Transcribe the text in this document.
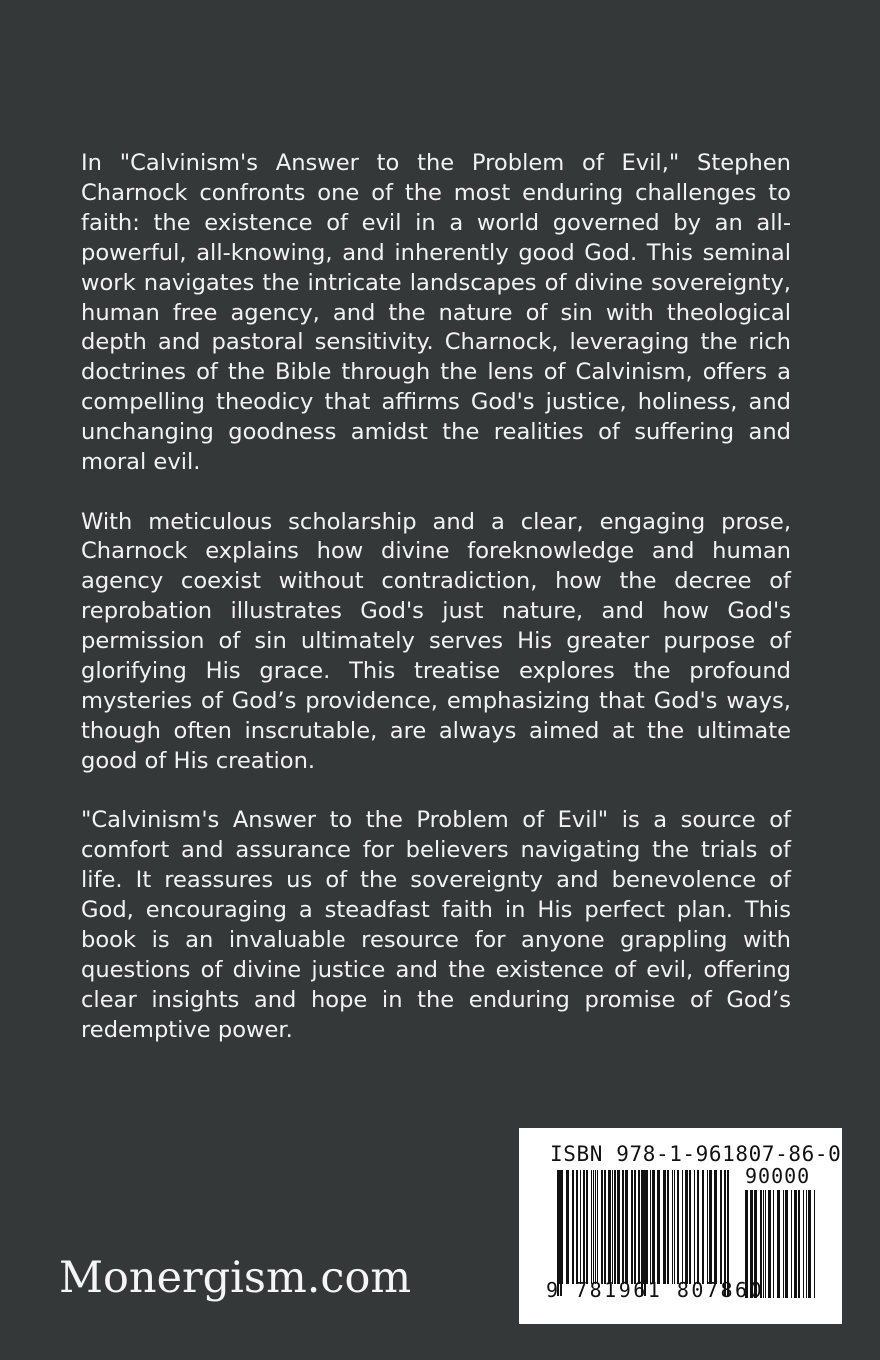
In "Calvinism's Answer to the Problem of Evil," Stephen Charnock confronts one of the most enduring challenges to faith: the existence of evil in a world governed by an all-powerful, all-knowing, and inherently good God. This seminal work navigates the intricate landscapes of divine sovereignty, human free agency, and the nature of sin with theological depth and pastoral sensitivity. Charnock, leveraging the rich doctrines of the Bible through the lens of Calvinism, offers a compelling theodicy that affirms God's justice, holiness, and unchanging goodness amidst the realities of suffering and moral evil.

With meticulous scholarship and a clear, engaging prose, Charnock explains how divine foreknowledge and human agency coexist without contradiction, how the decree of reprobation illustrates God's just nature, and how God's permission of sin ultimately serves His greater purpose of glorifying His grace. This treatise explores the profound mysteries of God’s providence, emphasizing that God's ways, though often inscrutable, are always aimed at the ultimate good of His creation.

"Calvinism's Answer to the Problem of Evil" is a source of comfort and assurance for believers navigating the trials of life. It reassures us of the sovereignty and benevolence of God, encouraging a steadfast faith in His perfect plan. This book is an invaluable resource for anyone grappling with questions of divine justice and the existence of evil, offering clear insights and hope in the enduring promise of God’s redemptive power.

Monergism.com
ISBN 978-1-961807-86-0
90000
9 781961 807860
